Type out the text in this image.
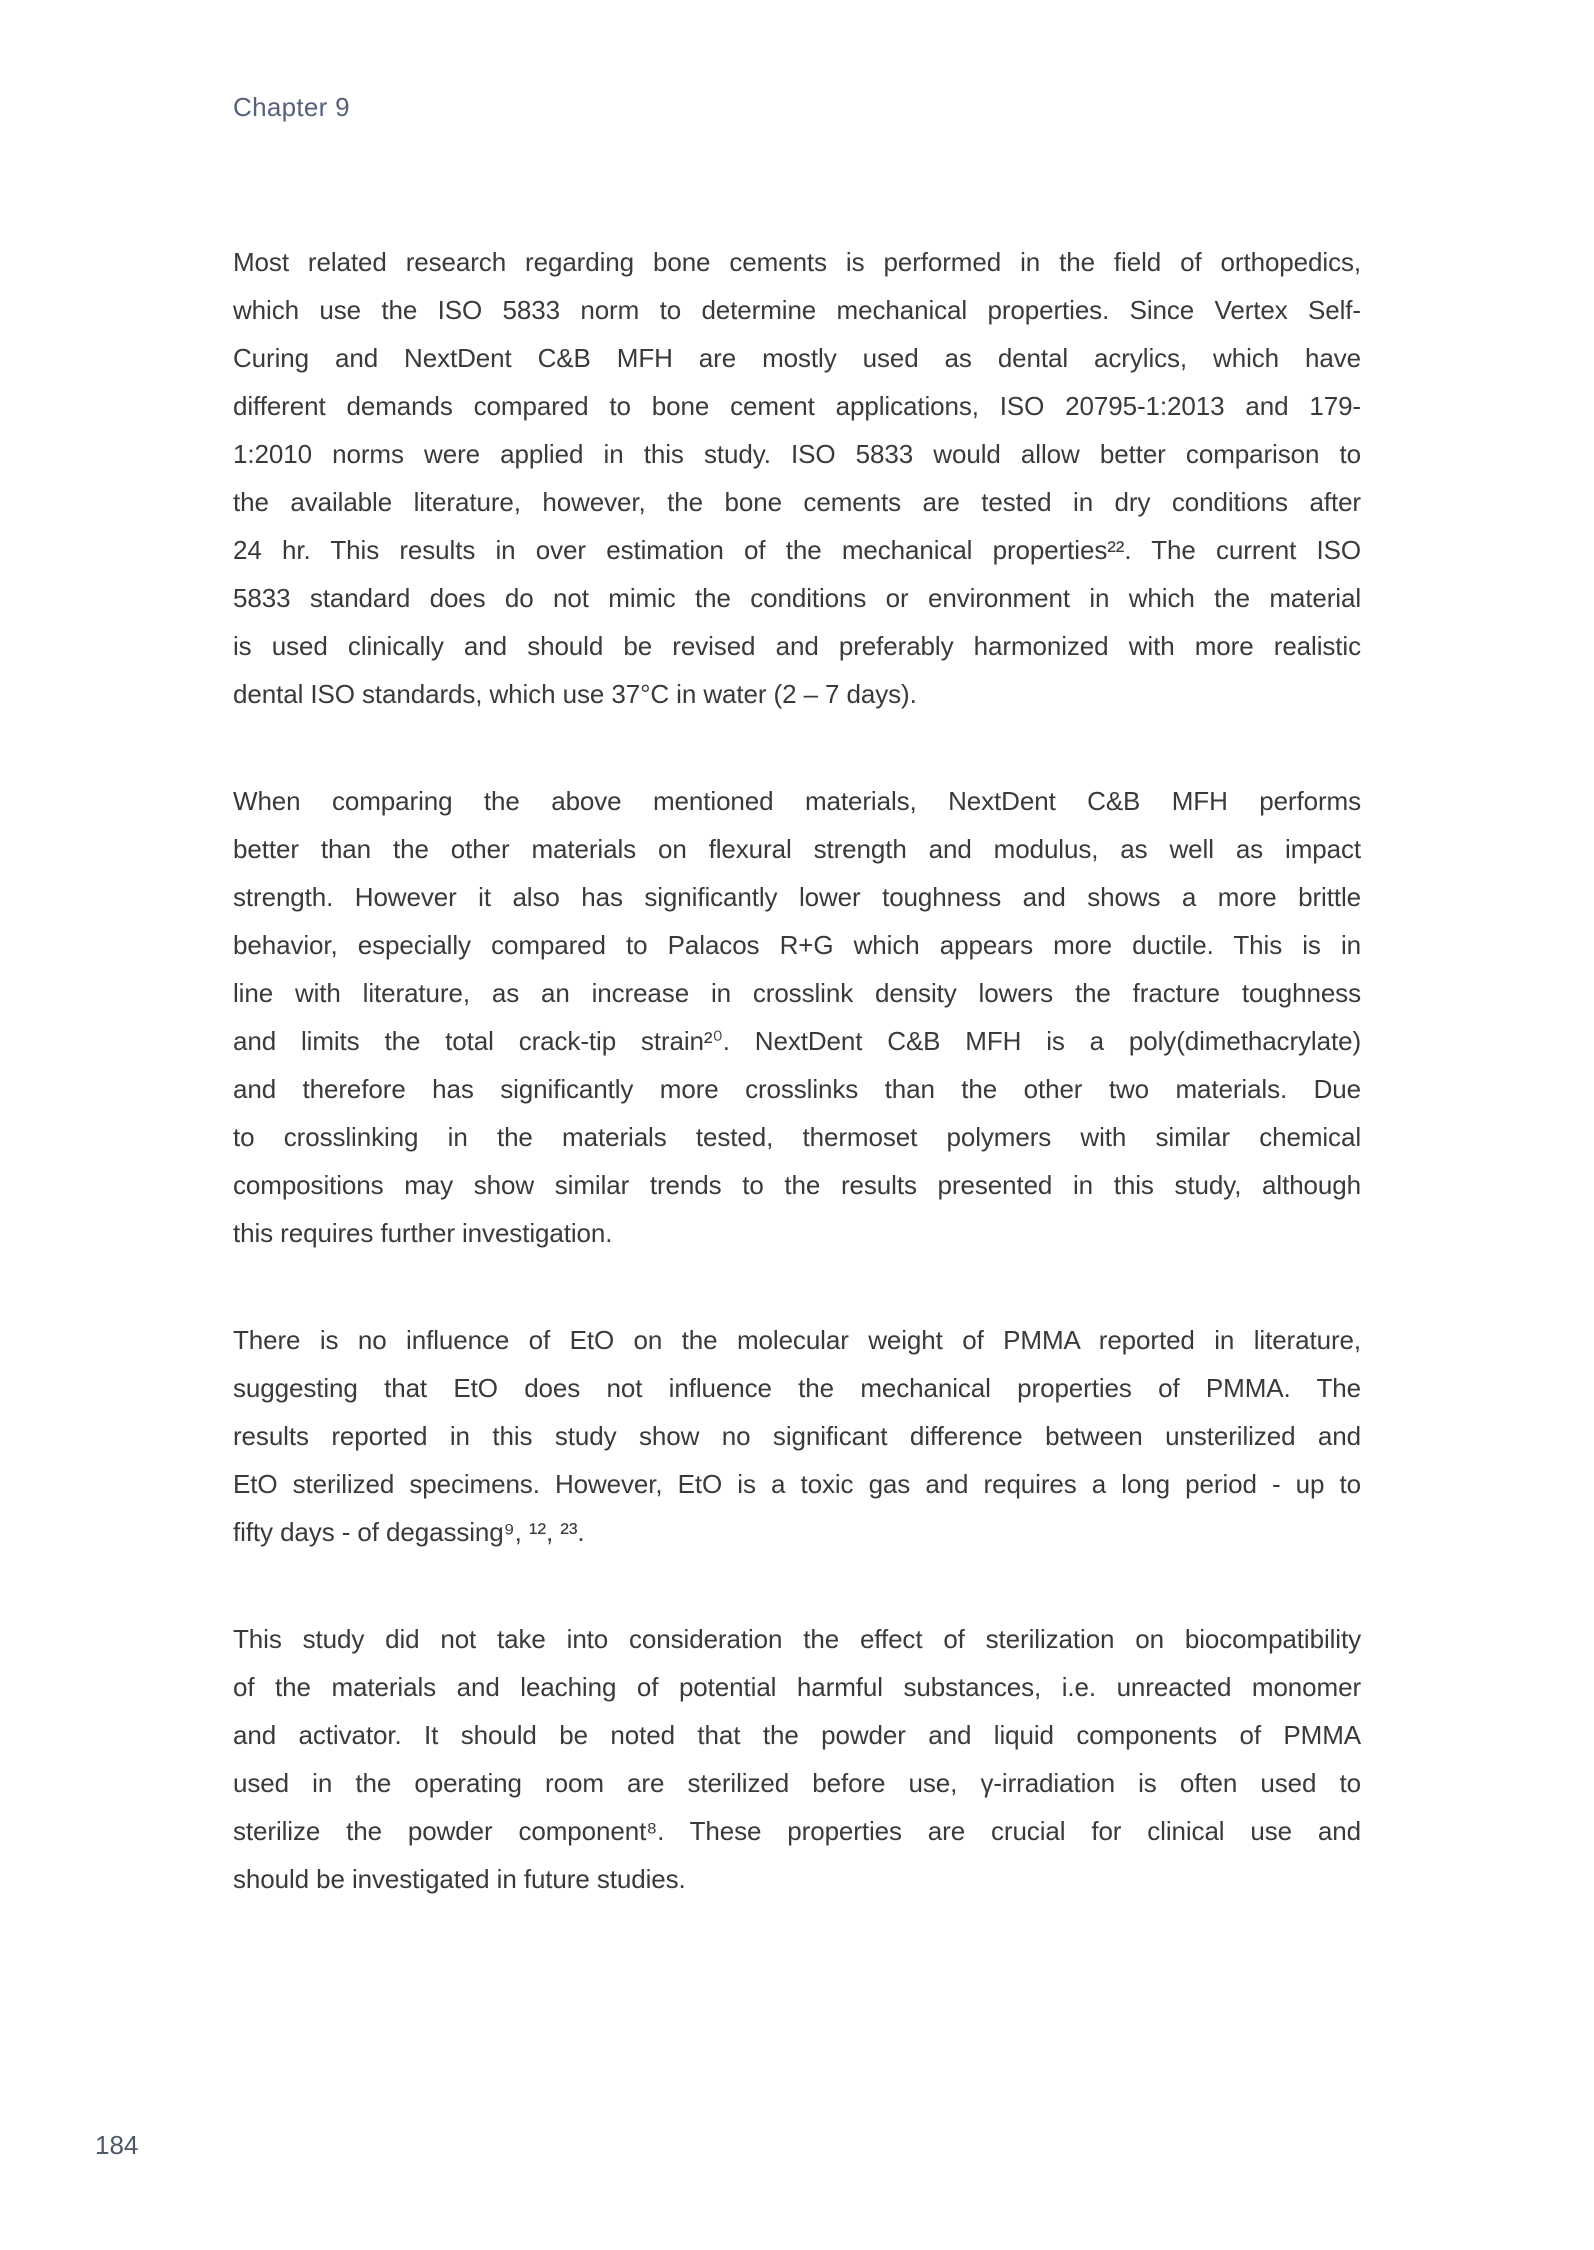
Chapter 9
Most related research regarding bone cements is performed in the field of orthopedics,
which use the ISO 5833 norm to determine mechanical properties. Since Vertex Self-
Curing and NextDent C&B MFH are mostly used as dental acrylics, which have
different demands compared to bone cement applications, ISO 20795-1:2013 and 179-
1:2010 norms were applied in this study. ISO 5833 would allow better comparison to
the available literature, however, the bone cements are tested in dry conditions after
24 hr. This results in over estimation of the mechanical properties²². The current ISO
5833 standard does do not mimic the conditions or environment in which the material
is used clinically and should be revised and preferably harmonized with more realistic
dental ISO standards, which use 37°C in water (2 – 7 days).
When comparing the above mentioned materials, NextDent C&B MFH performs
better than the other materials on flexural strength and modulus, as well as impact
strength. However it also has significantly lower toughness and shows a more brittle
behavior, especially compared to Palacos R+G which appears more ductile. This is in
line with literature, as an increase in crosslink density lowers the fracture toughness
and limits the total crack-tip strain²⁰. NextDent C&B MFH is a poly(dimethacrylate)
and therefore has significantly more crosslinks than the other two materials. Due
to crosslinking in the materials tested, thermoset polymers with similar chemical
compositions may show similar trends to the results presented in this study, although
this requires further investigation.
There is no influence of EtO on the molecular weight of PMMA reported in literature,
suggesting that EtO does not influence the mechanical properties of PMMA. The
results reported in this study show no significant difference between unsterilized and
EtO sterilized specimens. However, EtO is a toxic gas and requires a long period - up to
fifty days - of degassing⁹, ¹², ²³.
This study did not take into consideration the effect of sterilization on biocompatibility
of the materials and leaching of potential harmful substances, i.e. unreacted monomer
and activator. It should be noted that the powder and liquid components of PMMA
used in the operating room are sterilized before use, γ-irradiation is often used to
sterilize the powder component⁸. These properties are crucial for clinical use and
should be investigated in future studies.
184
